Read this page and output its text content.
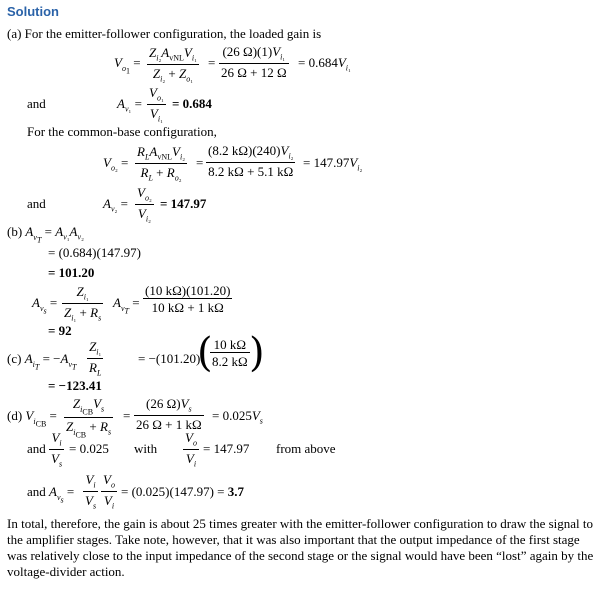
Solution
(a) For the emitter-follower configuration, the loaded gain is
$V_{o_1}$ =
$Z_{i_2}A_{vNL}V_{i_1}$
$Z_{i_2} + Z_{o_1}$
= $\frac{(26 \Omega)(1)V_{i_1}}{26 \Omega + 12 \Omega} = 0.684V_{i_1}$
and	$A_{v_1} = \frac{V_{o_1}}{V_{i_1}} = 0.684$
For the common-base configuration,
$V_{o_2}$ =
$R_LA_{vNL}V_{i_2}$
$R_L + R_{o_2}$
= $\frac{(8.2 k\Omega)(240)V_{i_2}}{8.2 k\Omega + 5.1 k\Omega} = 147.97V_{i_2}$
and	$A_{v_2} = \frac{V_{o_2}}{V_{i_2}} = 147.97$
(b) $A_{v_T} = A_{v_1}A_{v_2}$
= (0.684)(147.97)
= 101.20
$A_{v_s} = \frac{Z_{i_1}}{Z_{i_1} + R_s} A_{v_T} = \frac{(10 k\Omega)(101.20)}{10 k\Omega + 1 k\Omega}$
= 92
(c) $A_{i_T} = -A_{v_T} \frac{Z_{i_1}}{R_L}$	= −(101.20)
(
$\frac{10 k\Omega}{8.2 k\Omega}$ )
= −123.41
(d) $V_{i_{CB}}$ =
$Z_{i_{CB}}V_s$
$Z_{i_{CB}} + R_s$
= $\frac{(26 \Omega)V_s}{26 \Omega + 1 k\Omega} = 0.025V_s$
and $\frac{V_i}{V_s} = 0.025$ with $\frac{V_o}{V_i} = 147.97$ from above
and $A_{v_s} = \frac{V_i}{V_s} \frac{V_o}{V_i} = (0.025)(147.97) = 3.7$
In total, therefore, the gain is about 25 times greater with the emitter-follower configuration to draw the signal to the amplifier stages. Take note, however, that it was also important that the output impedance of the first stage was relatively close to the input impedance of the second stage or the signal would have been “lost” again by the voltage-divider action.
